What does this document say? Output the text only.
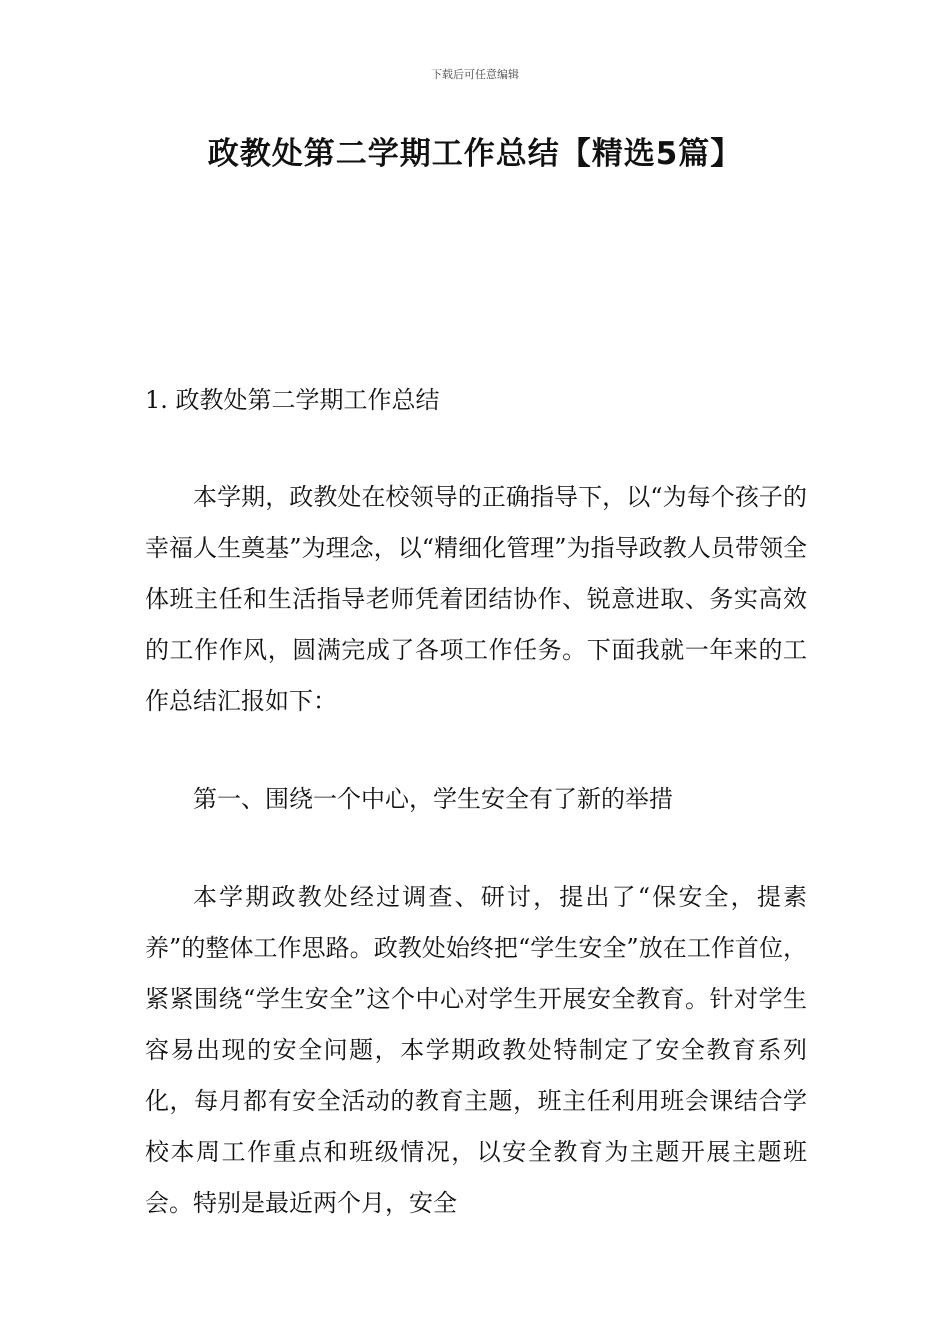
下载后可任意编辑
政教处第二学期工作总结【精选5篇】
1. 政教处第二学期工作总结

本学期，政教处在校领导的正确指导下，以“为每个孩子的幸福人生奠基”为理念，以“精细化管理”为指导政教人员带领全体班主任和生活指导老师凭着团结协作、锐意进取、务实高效的工作作风，圆满完成了各项工作任务。下面我就一年来的工作总结汇报如下：

第一、围绕一个中心，学生安全有了新的举措

本学期政教处经过调查、研讨，提出了“保安全，提素养”的整体工作思路。政教处始终把“学生安全”放在工作首位，紧紧围绕“学生安全”这个中心对学生开展安全教育。针对学生容易出现的安全问题，本学期政教处特制定了安全教育系列化，每月都有安全活动的教育主题，班主任利用班会课结合学校本周工作重点和班级情况，以安全教育为主题开展主题班会。特别是最近两个月，安全
